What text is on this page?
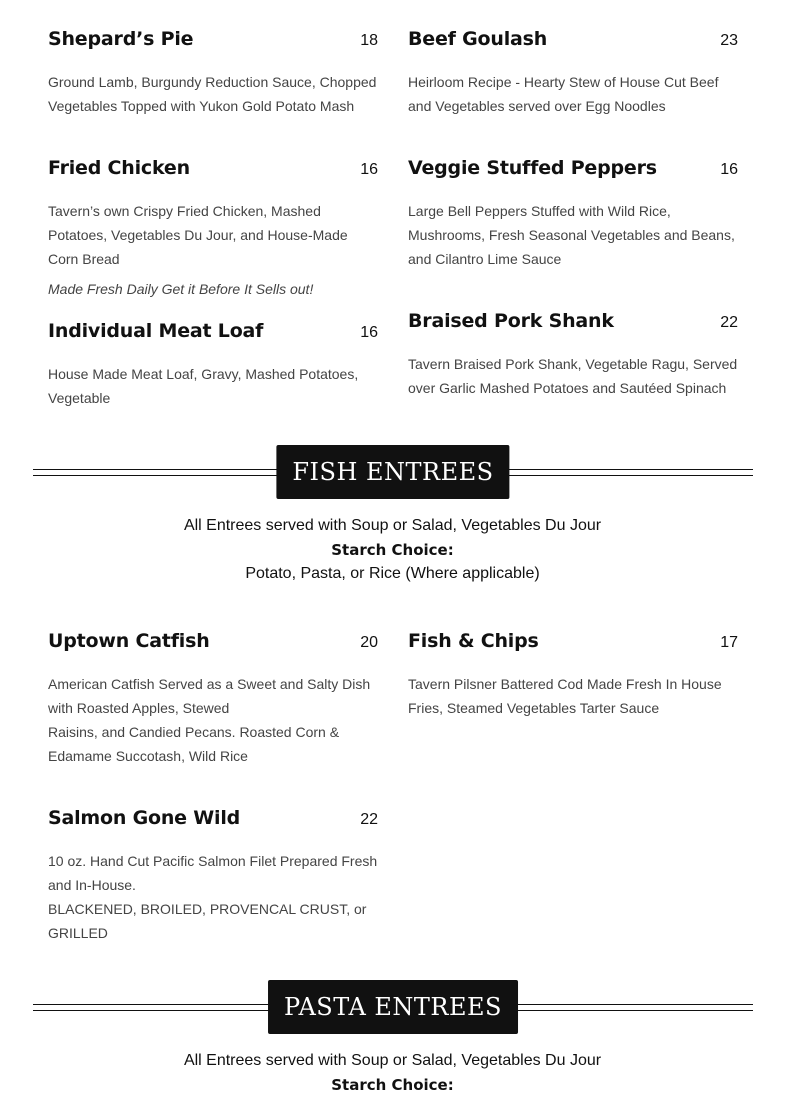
Shepard’s Pie	18
Ground Lamb, Burgundy Reduction Sauce, Chopped Vegetables Topped with Yukon Gold Potato Mash
Beef Goulash	23
Heirloom Recipe - Hearty Stew of House Cut Beef and Vegetables served over Egg Noodles
Fried Chicken	16
Tavern’s own Crispy Fried Chicken, Mashed Potatoes, Vegetables Du Jour, and House-Made Corn Bread
Made Fresh Daily Get it Before It Sells out!
Veggie Stuffed Peppers	16
Large Bell Peppers Stuffed with Wild Rice, Mushrooms, Fresh Seasonal Vegetables and Beans, and Cilantro Lime Sauce
Individual Meat Loaf	16
House Made Meat Loaf, Gravy, Mashed Potatoes, Vegetable
Braised Pork Shank	22
Tavern Braised Pork Shank, Vegetable Ragu, Served over Garlic Mashed Potatoes and Sautéed Spinach
FISH ENTREES
All Entrees served with Soup or Salad, Vegetables Du Jour
Starch Choice:
Potato, Pasta, or Rice (Where applicable)
Uptown Catfish	20
American Catfish Served as a Sweet and Salty Dish with Roasted Apples, Stewed
Raisins, and Candied Pecans. Roasted Corn & Edamame Succotash, Wild Rice
Fish & Chips	17
Tavern Pilsner Battered Cod Made Fresh In House Fries, Steamed Vegetables Tarter Sauce
Salmon Gone Wild	22
10 oz. Hand Cut Pacific Salmon Filet Prepared Fresh and In-House.
BLACKENED, BROILED, PROVENCAL CRUST, or GRILLED
PASTA ENTREES
All Entrees served with Soup or Salad, Vegetables Du Jour
Starch Choice:
